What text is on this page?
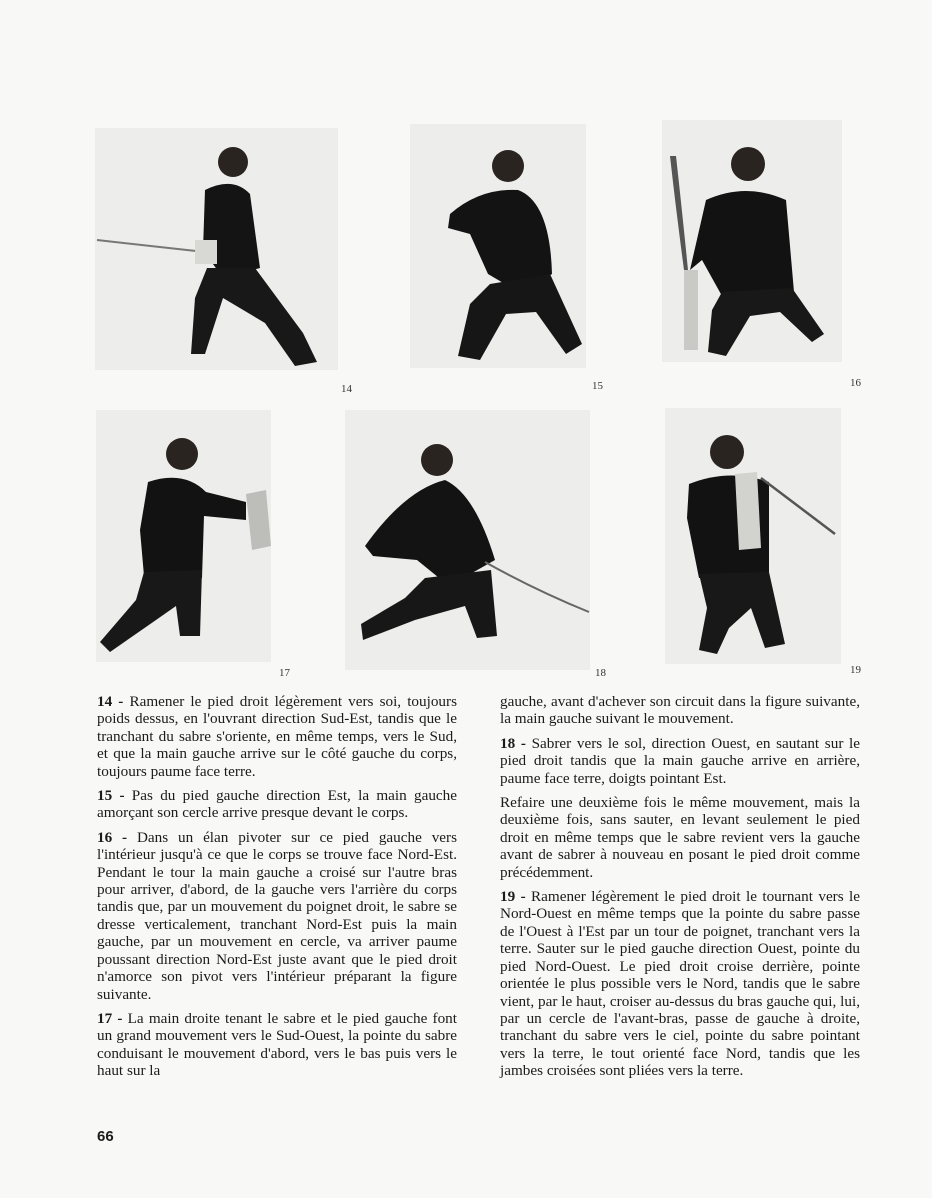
14	15	16
17	18	19

14 - Ramener le pied droit légèrement vers soi, toujours poids dessus, en l'ouvrant direction Sud-Est, tandis que le tranchant du sabre s'oriente, en même temps, vers le Sud, et que la main gauche arrive sur le côté gauche du corps, toujours paume face terre.

15 - Pas du pied gauche direction Est, la main gauche amorçant son cercle arrive presque devant le corps.

16 - Dans un élan pivoter sur ce pied gauche vers l'intérieur jusqu'à ce que le corps se trouve face Nord-Est. Pendant le tour la main gauche a croisé sur l'autre bras pour arriver, d'abord, de la gauche vers l'arrière du corps tandis que, par un mouvement du poignet droit, le sabre se dresse verticalement, tranchant Nord-Est puis la main gauche, par un mouvement en cercle, va arriver paume poussant direction Nord-Est juste avant que le pied droit n'amorce son pivot vers l'intérieur préparant la figure suivante.

17 - La main droite tenant le sabre et le pied gauche font un grand mouvement vers le Sud-Ouest, la pointe du sabre conduisant le mouvement d'abord, vers le bas puis vers le haut sur la

gauche, avant d'achever son circuit dans la figure suivante, la main gauche suivant le mouvement.

18 - Sabrer vers le sol, direction Ouest, en sautant sur le pied droit tandis que la main gauche arrive en arrière, paume face terre, doigts pointant Est.

Refaire une deuxième fois le même mouvement, mais la deuxième fois, sans sauter, en levant seulement le pied droit en même temps que le sabre revient vers la gauche avant de sabrer à nouveau en posant le pied droit comme précédemment.

19 - Ramener légèrement le pied droit le tournant vers le Nord-Ouest en même temps que la pointe du sabre passe de l'Ouest à l'Est par un tour de poignet, tranchant vers la terre. Sauter sur le pied gauche direction Ouest, pointe du pied Nord-Ouest. Le pied droit croise derrière, pointe orientée le plus possible vers le Nord, tandis que le sabre vient, par le haut, croiser au-dessus du bras gauche qui, lui, par un cercle de l'avant-bras, passe de gauche à droite, tranchant du sabre vers le ciel, pointe du sabre pointant vers la terre, le tout orienté face Nord, tandis que les jambes croisées sont pliées vers la terre.

66
